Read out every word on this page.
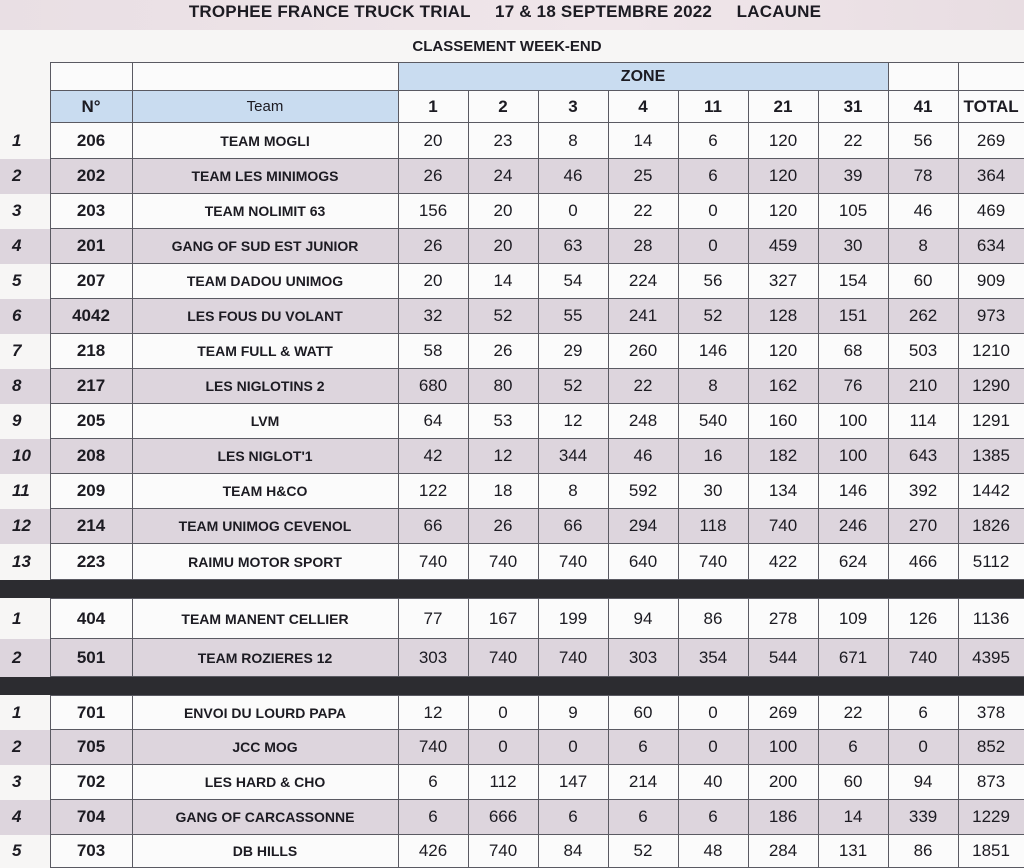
TROPHEE FRANCE TRUCK TRIAL     17 & 18 SEPTEMBRE 2022     LACAUNE
CLASSEMENT WEEK-END
			ZONE								
	N°	Team	1	2	3	4	11	21	31	41	TOTAL
1	206	TEAM MOGLI	20	23	8	14	6	120	22	56	269
2	202	TEAM LES MINIMOGS	26	24	46	25	6	120	39	78	364
3	203	TEAM NOLIMIT 63	156	20	0	22	0	120	105	46	469
4	201	GANG OF SUD EST JUNIOR	26	20	63	28	0	459	30	8	634
5	207	TEAM DADOU UNIMOG	20	14	54	224	56	327	154	60	909
6	4042	LES FOUS DU VOLANT	32	52	55	241	52	128	151	262	973
7	218	TEAM FULL & WATT	58	26	29	260	146	120	68	503	1210
8	217	LES NIGLOTINS 2	680	80	52	22	8	162	76	210	1290
9	205	LVM	64	53	12	248	540	160	100	114	1291
10	208	LES NIGLOT'1	42	12	344	46	16	182	100	643	1385
11	209	TEAM H&CO	122	18	8	592	30	134	146	392	1442
12	214	TEAM UNIMOG CEVENOL	66	26	66	294	118	740	246	270	1826
13	223	RAIMU MOTOR SPORT	740	740	740	640	740	422	624	466	5112

1	404	TEAM MANENT CELLIER	77	167	199	94	86	278	109	126	1136
2	501	TEAM ROZIERES 12	303	740	740	303	354	544	671	740	4395

1	701	ENVOI DU LOURD PAPA	12	0	9	60	0	269	22	6	378
2	705	JCC MOG	740	0	0	6	0	100	6	0	852
3	702	LES HARD & CHO	6	112	147	214	40	200	60	94	873
4	704	GANG OF CARCASSONNE	6	666	6	6	6	186	14	339	1229
5	703	DB HILLS	426	740	84	52	48	284	131	86	1851
